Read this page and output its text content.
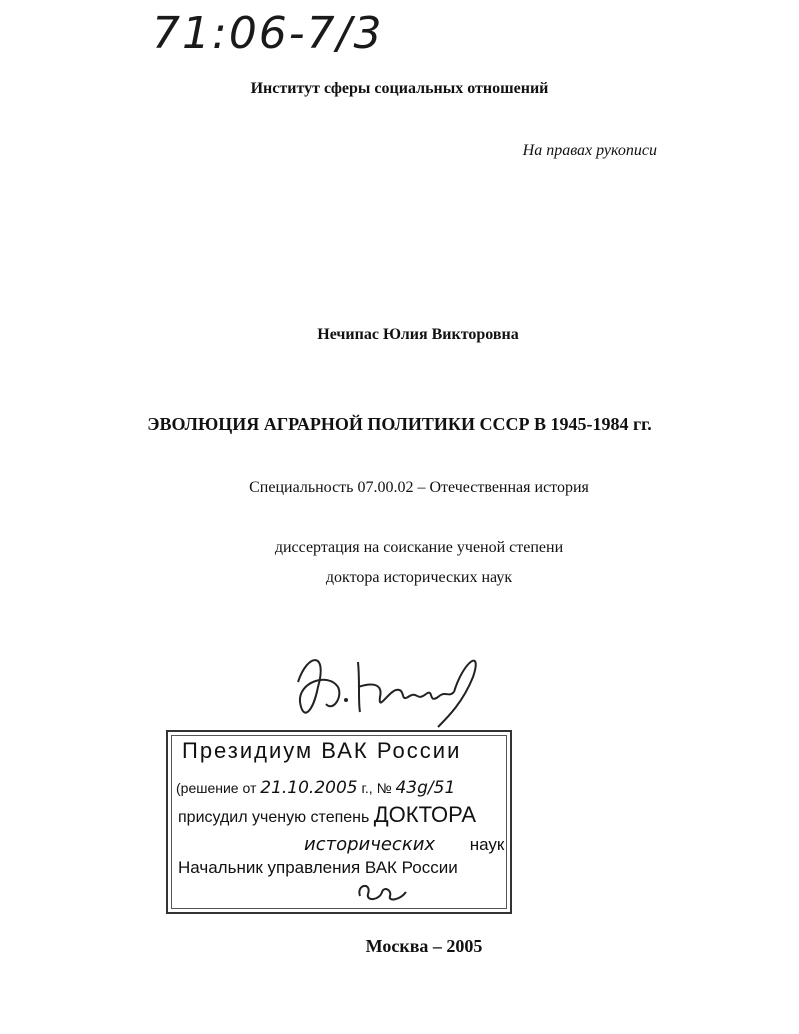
71:06-7/3
Институт сферы социальных отношений
На правах рукописи
Нечипас Юлия Викторовна
ЭВОЛЮЦИЯ АГРАРНОЙ ПОЛИТИКИ СССР В 1945-1984 гг.
Специальность 07.00.02 – Отечественная история
диссертация на соискание ученой степени
доктора исторических наук
Президиум ВАК России
(решение от 21.10.2005 г., № 43g/51
присудил ученую степень ДОКТОРА
исторических наук
Начальник управления ВАК России
Москва – 2005
